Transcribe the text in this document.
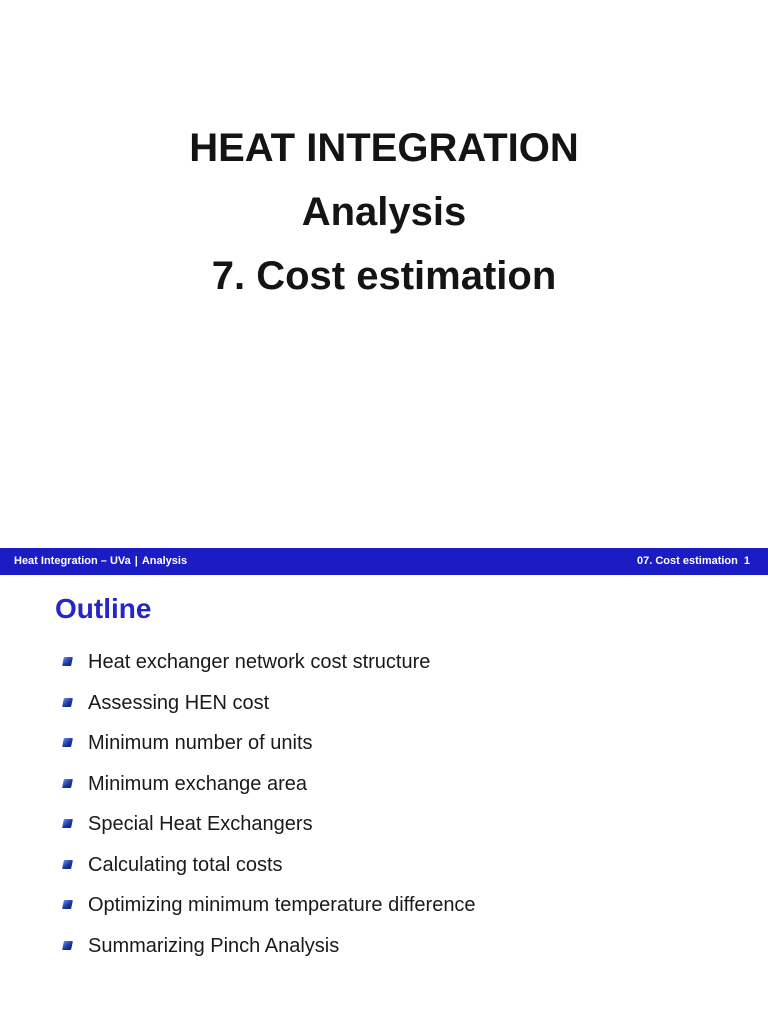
HEAT INTEGRATION
Analysis
7. Cost estimation
Heat Integration – UVa | Analysis	07. Cost estimation 1
Outline
Heat exchanger network cost structure
Assessing HEN cost
Minimum number of units
Minimum exchange area
Special Heat Exchangers
Calculating total costs
Optimizing minimum temperature difference
Summarizing Pinch Analysis
